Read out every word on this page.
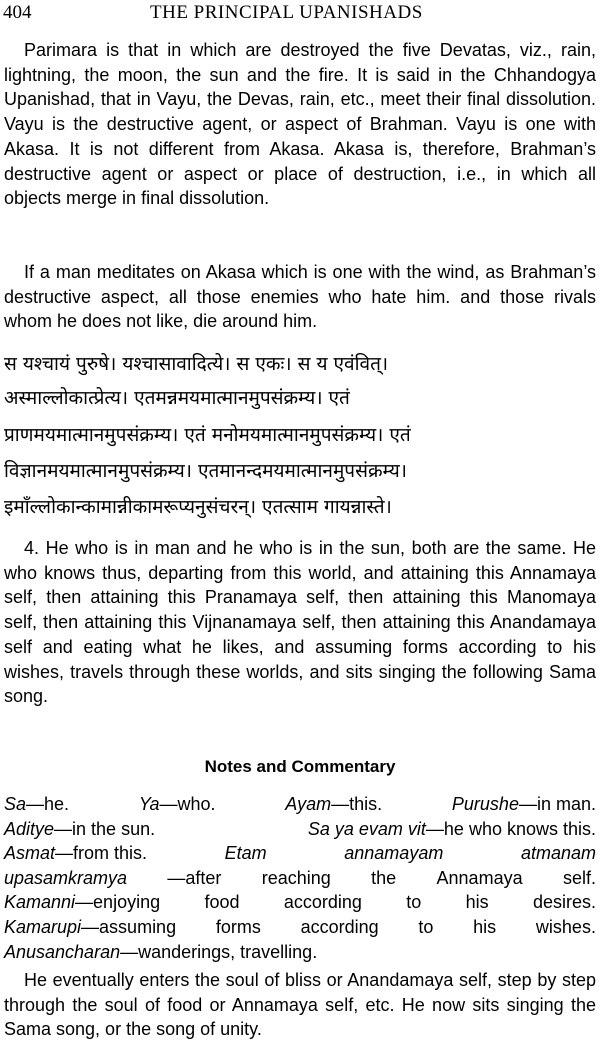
404	THE PRINCIPAL UPANISHADS

Parimara is that in which are destroyed the five Devatas, viz., rain, lightning, the moon, the sun and the fire. It is said in the Chhandogya Upanishad, that in Vayu, the Devas, rain, etc., meet their final dissolution. Vayu is the destructive agent, or aspect of Brahman. Vayu is one with Akasa. It is not different from Akasa. Akasa is, therefore, Brahman’s destructive agent or aspect or place of destruction, i.e., in which all objects merge in final dissolution.

If a man meditates on Akasa which is one with the wind, as Brahman’s destructive aspect, all those enemies who hate him. and those rivals whom he does not like, die around him.

स यश्चायं पुरुषे। यश्चासावादित्ये। स एकः। स य एवंवित्।

अस्माल्लोकात्प्रेत्य। एतमन्नमयमात्मानमुपसंक्रम्य। एतं

प्राणमयमात्मानमुपसंक्रम्य। एतं मनोमयमात्मानमुपसंक्रम्य। एतं

विज्ञानमयमात्मानमुपसंक्रम्य। एतमानन्दमयमात्मानमुपसंक्रम्य।

इमाँल्लोकान्कामान्नीकामरूप्यनुसंचरन्। एतत्साम गायन्नास्ते।

4. He who is in man and he who is in the sun, both are the same. He who knows thus, departing from this world, and attaining this Annamaya self, then attaining this Pranamaya self, then attaining this Manomaya self, then attaining this Vijnanamaya self, then attaining this Anandamaya self and eating what he likes, and assuming forms according to his wishes, travels through these worlds, and sits singing the following Sama song.

Notes and Commentary

Sa—he.	Ya—who.	Ayam—this.	Purushe—in man.
Aditye—in the sun.	Sa ya evam vit—he who knows this.
Asmat—from this.	Etam	annamayam	atmanam
upasamkramya —after reaching the Annamaya self.
Kamanni—enjoying food according to his desires.
Kamarupi—assuming forms according to his wishes.
Anusancharan—wanderings, travelling.

He eventually enters the soul of bliss or Anandamaya self, step by step through the soul of food or Annamaya self, etc. He now sits singing the Sama song, or the song of unity.
